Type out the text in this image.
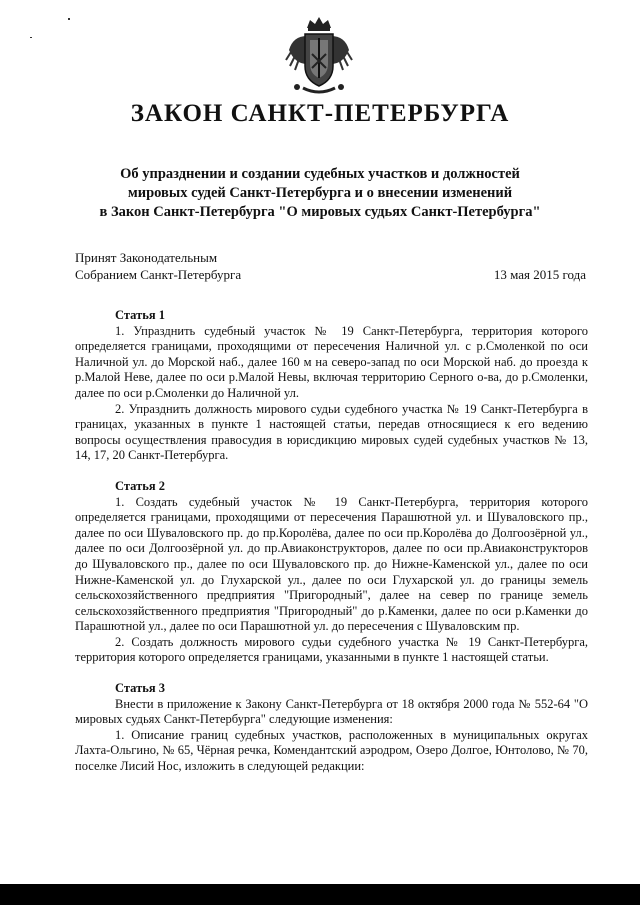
ЗАКОН САНКТ-ПЕТЕРБУРГА
Об упразднении и создании судебных участков и должностей
мировых судей Санкт-Петербурга и о внесении изменений
в Закон Санкт-Петербурга "О мировых судьях Санкт-Петербурга"
Принят Законодательным
Собранием Санкт-Петербурга	13 мая 2015 года
Статья 1

1. Упразднить судебный участок № 19 Санкт-Петербурга, территория которого определяется границами, проходящими от пересечения Наличной ул. с р.Смоленкой по оси Наличной ул. до Морской наб., далее 160 м на северо-запад по оси Морской наб. до проезда к р.Малой Неве, далее по оси р.Малой Невы, включая территорию Серного о-ва, до р.Смоленки, далее по оси р.Смоленки до Наличной ул.

2. Упразднить должность мирового судьи судебного участка № 19 Санкт-Петербурга в границах, указанных в пункте 1 настоящей статьи, передав относящиеся к его ведению вопросы осуществления правосудия в юрисдикцию мировых судей судебных участков № 13, 14, 17, 20 Санкт-Петербурга.

Статья 2

1. Создать судебный участок № 19 Санкт-Петербурга, территория которого определяется границами, проходящими от пересечения Парашютной ул. и Шуваловского пр., далее по оси Шуваловского пр. до пр.Королёва, далее по оси пр.Королёва до Долгоозёрной ул., далее по оси Долгоозёрной ул. до пр.Авиаконструкторов, далее по оси пр.Авиаконструкторов до Шуваловского пр., далее по оси Шуваловского пр. до Нижне-Каменской ул., далее по оси Нижне-Каменской ул. до Глухарской ул., далее по оси Глухарской ул. до границы земель сельскохозяйственного предприятия "Пригородный", далее на север по границе земель сельскохозяйственного предприятия "Пригородный" до р.Каменки, далее по оси р.Каменки до Парашютной ул., далее по оси Парашютной ул. до пересечения с Шуваловским пр.

2. Создать должность мирового судьи судебного участка № 19 Санкт-Петербурга, территория которого определяется границами, указанными в пункте 1 настоящей статьи.

Статья 3

Внести в приложение к Закону Санкт-Петербурга от 18 октября 2000 года № 552-64 "О мировых судьях Санкт-Петербурга" следующие изменения:

1. Описание границ судебных участков, расположенных в муниципальных округах Лахта-Ольгино, № 65, Чёрная речка, Комендантский аэродром, Озеро Долгое, Юнтолово, № 70, поселке Лисий Нос, изложить в следующей редакции:
